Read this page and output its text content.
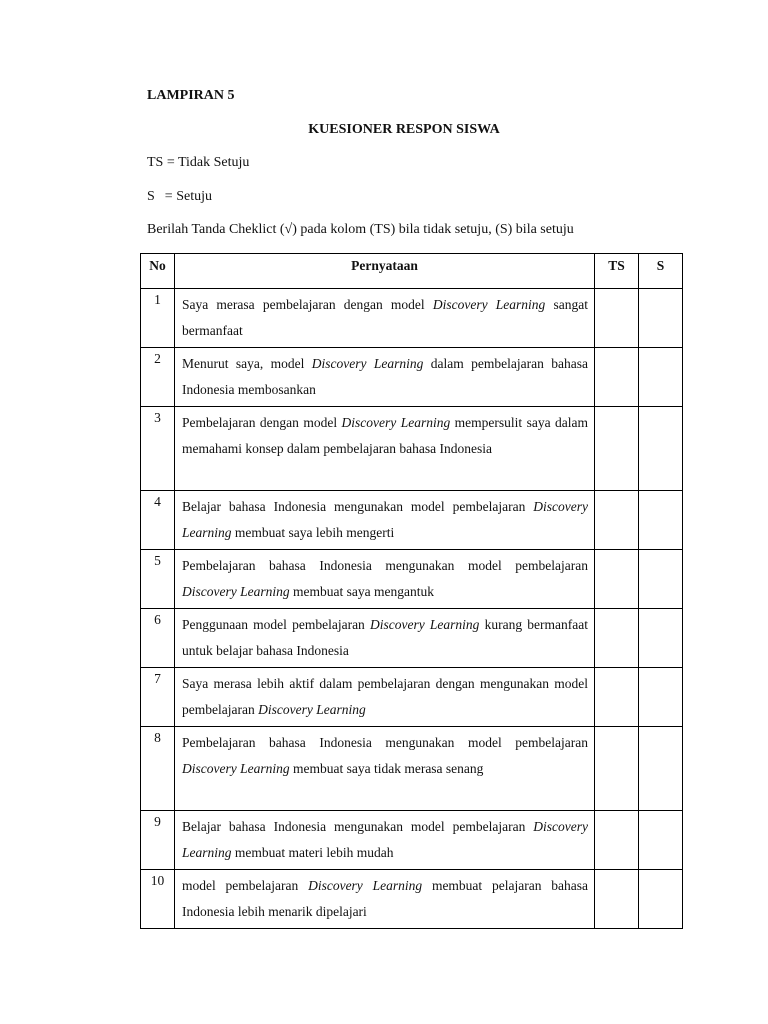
LAMPIRAN 5
KUESIONER RESPON SISWA
TS = Tidak Setuju
S = Setuju
Berilah Tanda Cheklict (√) pada kolom (TS) bila tidak setuju, (S) bila setuju
No	Pernyataan	TS	S
1	Saya merasa pembelajaran dengan model Discovery Learning sangat bermanfaat		
2	Menurut saya, model Discovery Learning dalam pembelajaran bahasa Indonesia membosankan		
3	Pembelajaran dengan model Discovery Learning mempersulit saya dalam memahami konsep dalam pembelajaran bahasa Indonesia		
4	Belajar bahasa Indonesia mengunakan model pembelajaran Discovery Learning membuat saya lebih mengerti		
5	Pembelajaran bahasa Indonesia mengunakan model pembelajaran Discovery Learning membuat saya mengantuk		
6	Penggunaan model pembelajaran Discovery Learning kurang bermanfaat untuk belajar bahasa Indonesia		
7	Saya merasa lebih aktif dalam pembelajaran dengan mengunakan model pembelajaran Discovery Learning		
8	Pembelajaran bahasa Indonesia mengunakan model pembelajaran Discovery Learning membuat saya tidak merasa senang		
9	Belajar bahasa Indonesia mengunakan model pembelajaran Discovery Learning membuat materi lebih mudah		
10	model pembelajaran Discovery Learning membuat pelajaran bahasa Indonesia lebih menarik dipelajari		
